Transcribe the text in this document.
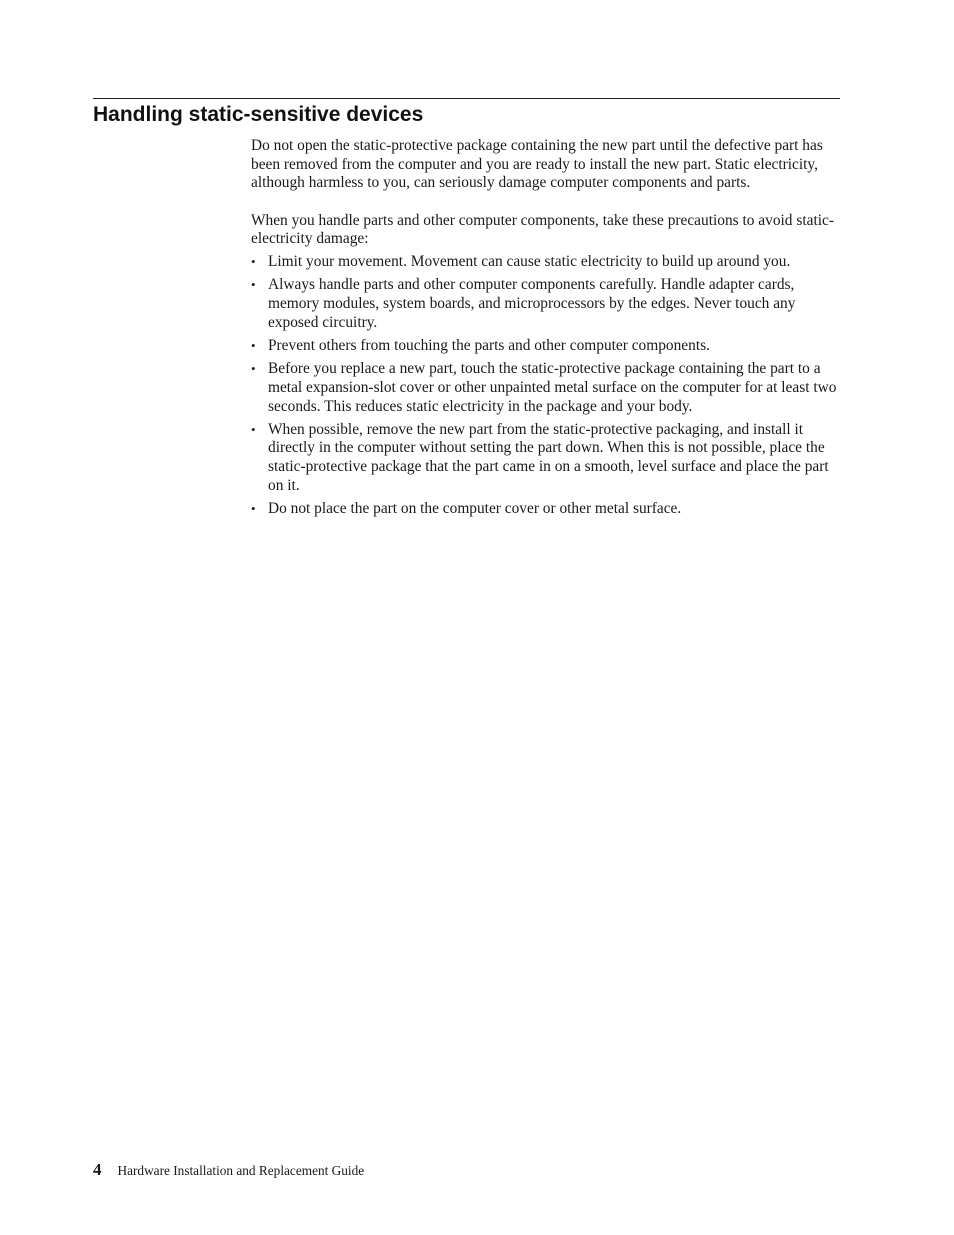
Handling static-sensitive devices

Do not open the static-protective package containing the new part until the defective part has been removed from the computer and you are ready to install the new part. Static electricity, although harmless to you, can seriously damage computer components and parts.

When you handle parts and other computer components, take these precautions to avoid static-electricity damage:

• Limit your movement. Movement can cause static electricity to build up around you.
• Always handle parts and other computer components carefully. Handle adapter cards, memory modules, system boards, and microprocessors by the edges. Never touch any exposed circuitry.
• Prevent others from touching the parts and other computer components.
• Before you replace a new part, touch the static-protective package containing the part to a metal expansion-slot cover or other unpainted metal surface on the computer for at least two seconds. This reduces static electricity in the package and your body.
• When possible, remove the new part from the static-protective packaging, and install it directly in the computer without setting the part down. When this is not possible, place the static-protective package that the part came in on a smooth, level surface and place the part on it.
• Do not place the part on the computer cover or other metal surface.
4 Hardware Installation and Replacement Guide
